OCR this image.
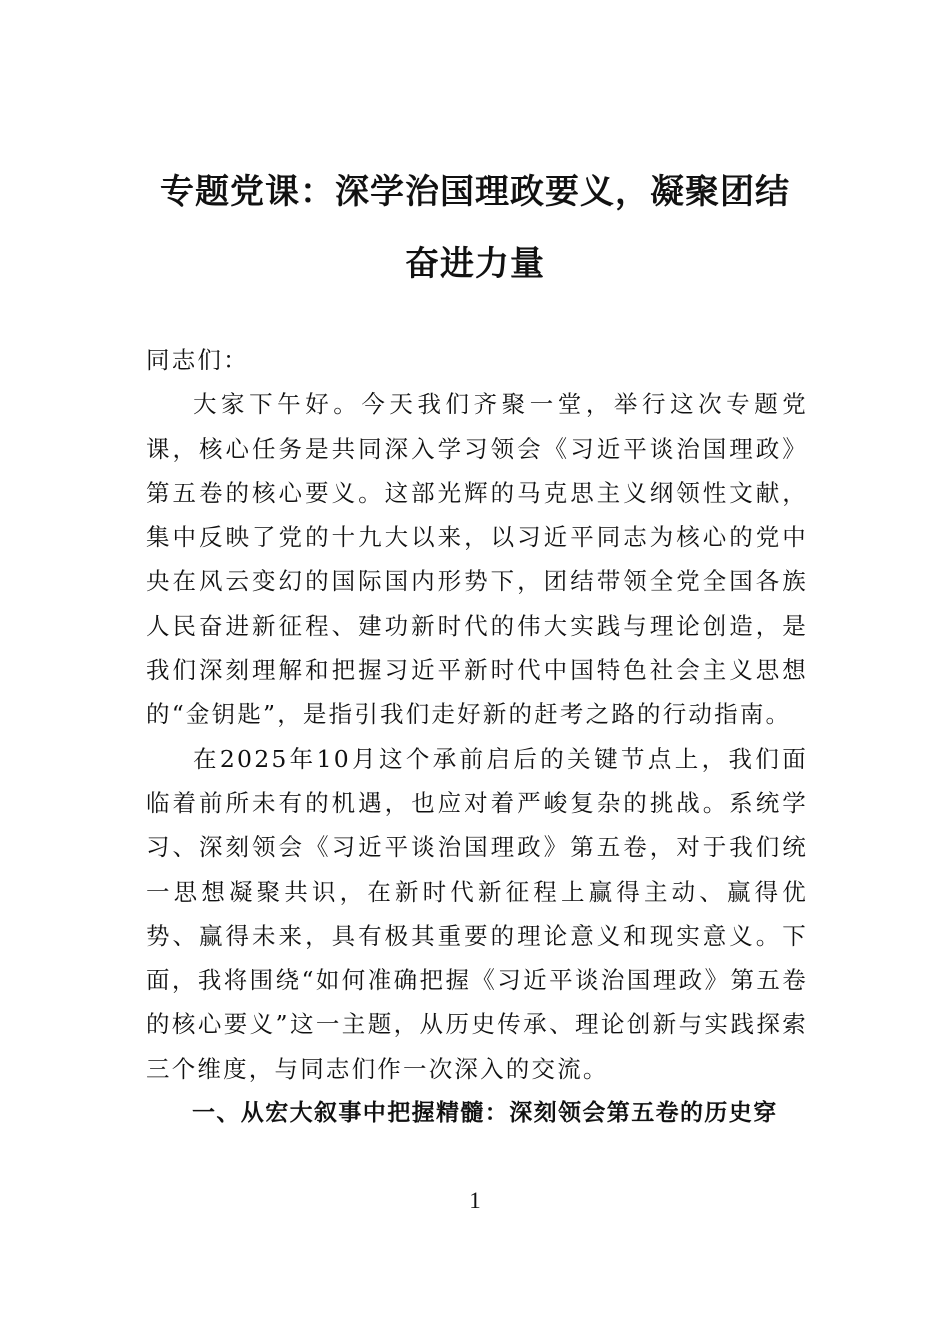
专题党课：深学治国理政要义，凝聚团结
奋进力量

同志们：

大家下午好。今天我们齐聚一堂，举行这次专题党课，核心任务是共同深入学习领会《习近平谈治国理政》第五卷的核心要义。这部光辉的马克思主义纲领性文献，集中反映了党的十九大以来，以习近平同志为核心的党中央在风云变幻的国际国内形势下，团结带领全党全国各族人民奋进新征程、建功新时代的伟大实践与理论创造，是我们深刻理解和把握习近平新时代中国特色社会主义思想的“金钥匙”，是指引我们走好新的赶考之路的行动指南。

在2025年10月这个承前启后的关键节点上，我们面临着前所未有的机遇，也应对着严峻复杂的挑战。系统学习、深刻领会《习近平谈治国理政》第五卷，对于我们统一思想凝聚共识，在新时代新征程上赢得主动、赢得优势、赢得未来，具有极其重要的理论意义和现实意义。下面，我将围绕“如何准确把握《习近平谈治国理政》第五卷的核心要义”这一主题，从历史传承、理论创新与实践探索三个维度，与同志们作一次深入的交流。

一、从宏大叙事中把握精髓：深刻领会第五卷的历史穿

1
